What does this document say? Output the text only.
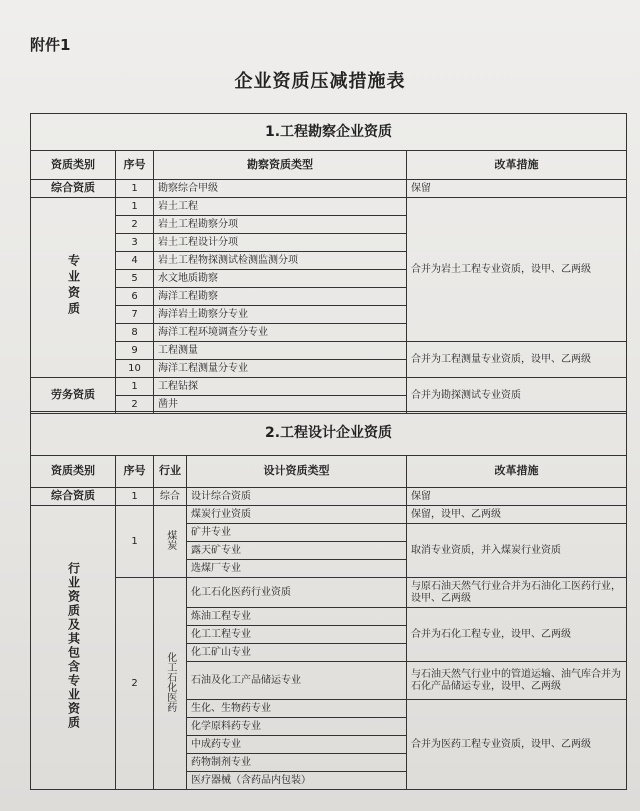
附件1
企业资质压减措施表
1.工程勘察企业资质			
资质类别	序号	勘察资质类型	改革措施
综合资质	1	勘察综合甲级	保留
专业资质	1	岩土工程	合并为岩土工程专业资质，设甲、乙两级
	2	岩土工程勘察分项	
	3	岩土工程设计分项	
	4	岩土工程物探测试检测监测分项	
	5	水文地质勘察	
	6	海洋工程勘察	
	7	海洋岩土勘察分专业	
	8	海洋工程环境调查分专业	
	9	工程测量	合并为工程测量专业资质，设甲、乙两级
	10	海洋工程测量分专业	
劳务资质	1	工程钻探	合并为勘探测试专业资质
	2	凿井	
2.工程设计企业资质				
资质类别	序号	行业	设计资质类型	改革措施
综合资质	1	综合	设计综合资质	保留
行业资质及其包含专业资质	1	煤炭	煤炭行业资质	保留，设甲、乙两级
			矿井专业	取消专业资质，并入煤炭行业资质
			露天矿专业	
			选煤厂专业	
	2	化工石化医药	化工石化医药行业资质	与原石油天然气行业合并为石油化工医药行业，设甲、乙两级
			炼油工程专业	合并为石化工程专业，设甲、乙两级
			化工工程专业	
			化工矿山专业	
			石油及化工产品储运专业	与石油天然气行业中的管道运输、油气库合并为石化产品储运专业，设甲、乙两级
			生化、生物药专业	合并为医药工程专业资质，设甲、乙两级
			化学原料药专业	
			中成药专业	
			药物制剂专业	
			医疗器械（含药品内包装）	
